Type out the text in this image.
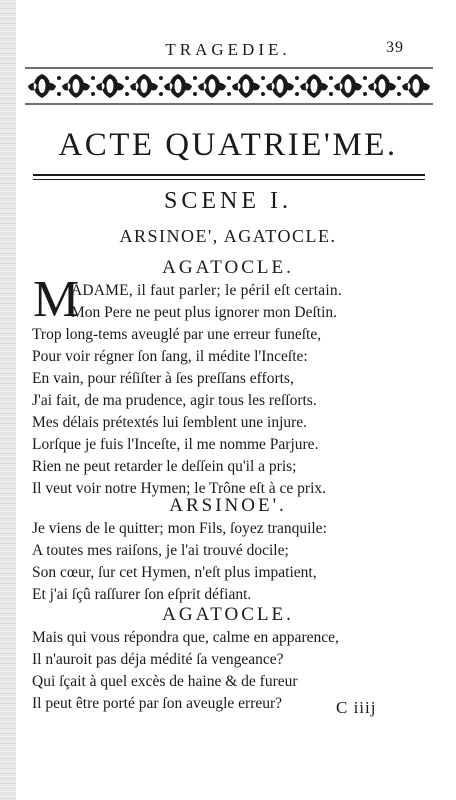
TRAGEDIE.	39
ACTE QUATRIE'ME.
SCENE I.
ARSINOE', AGATOCLE.
AGATOCLE.
M
ADAME, il faut parler; le péril eſt certain.
Mon Pere ne peut plus ignorer mon Deſtin.
Trop long-tems aveuglé par une erreur funeſte,
Pour voir régner ſon ſang, il médite l'Inceſte:
En vain, pour réſiſter à ſes preſſans efforts,
J'ai fait, de ma prudence, agir tous les reſſorts.
Mes délais prétextés lui ſemblent une injure.
Lorſque je fuis l'Inceſte, il me nomme Parjure.
Rien ne peut retarder le deſſein qu'il a pris;
Il veut voir notre Hymen; le Trône eſt à ce prix.
ARSINOE'.
Je viens de le quitter; mon Fils, ſoyez tranquile:
A toutes mes raiſons, je l'ai trouvé docile;
Son cœur, ſur cet Hymen, n'eſt plus impatient,
Et j'ai ſçû raſſurer ſon eſprit défiant.
AGATOCLE.
Mais qui vous répondra que, calme en apparence,
Il n'auroit pas déja médité ſa vengeance?
Qui ſçait à quel excès de haine & de fureur
Il peut être porté par ſon aveugle erreur?	C iiij
